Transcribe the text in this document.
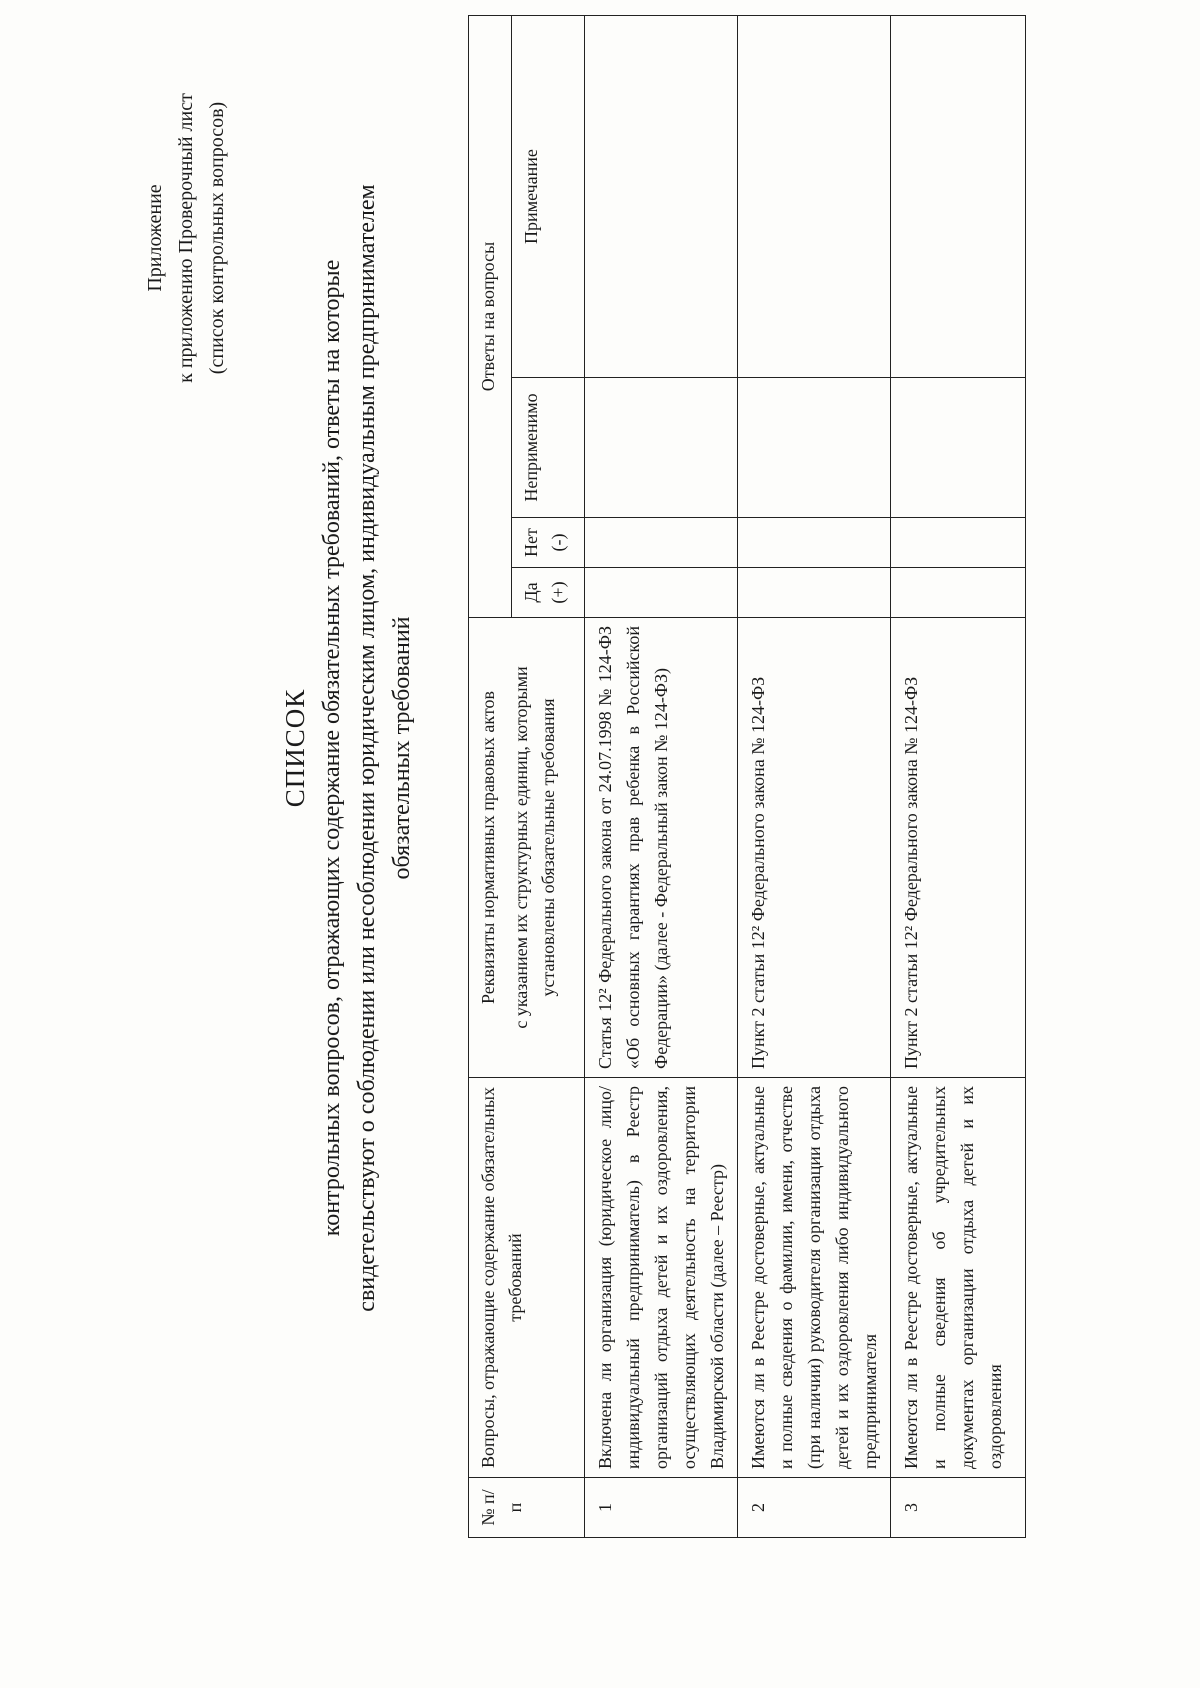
Приложение к приложению Проверочный лист (список контрольных вопросов)
СПИСОК контрольных вопросов, отражающих содержание обязательных требований, ответы на которые свидетельствуют о соблюдении или несоблюдении юридическим лицом, индивидуальным предпринимателем обязательных требований
№ п/п	Вопросы, отражающие содержание обязательных требований	Реквизиты нормативных правовых актов с указанием их структурных единиц, которыми установлены обязательные требования	Ответы на вопросы			
			Да (+)	Нет (-)	Неприменимо	Примечание
1	Включена ли организация (юридическое лицо/индивидуальный предприниматель) в Реестр организаций отдыха детей и их оздоровления, осуществляющих деятельность на территории Владимирской области (далее – Реестр)	Статья 12² Федерального закона от 24.07.1998 № 124-ФЗ «Об основных гарантиях прав ребенка в Российской Федерации» (далее - Федеральный закон № 124-ФЗ)				
2	Имеются ли в Реестре достоверные, актуальные и полные сведения о фамилии, имени, отчестве (при наличии) руководителя организации отдыха детей и их оздоровления либо индивидуального предпринимателя	Пункт 2 статьи 12² Федерального закона № 124-ФЗ				
3	Имеются ли в Реестре достоверные, актуальные и полные сведения об учредительных документах организации отдыха детей и их оздоровления	Пункт 2 статьи 12² Федерального закона № 124-ФЗ				
